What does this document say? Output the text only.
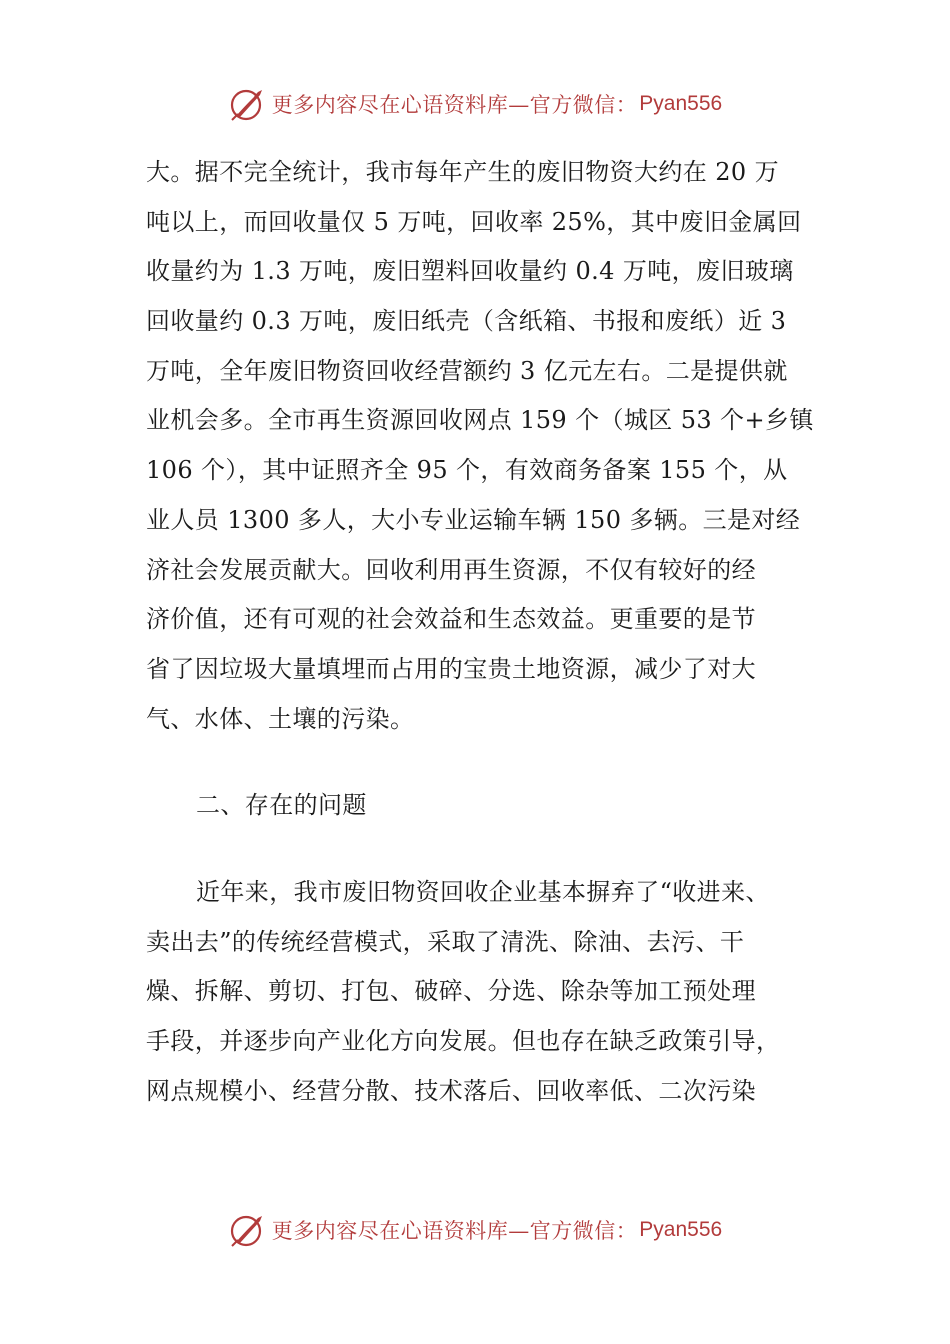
更多内容尽在心语资料库—官方微信： Pyan556
大。据不完全统计，我市每年产生的废旧物资大约在 20 万
吨以上，而回收量仅 5 万吨，回收率 25%，其中废旧金属回
收量约为 1.3 万吨，废旧塑料回收量约 0.4 万吨，废旧玻璃
回收量约 0.3 万吨，废旧纸壳（含纸箱、书报和废纸）近 3
万吨，全年废旧物资回收经营额约 3 亿元左右。二是提供就
业机会多。全市再生资源回收网点 159 个（城区 53 个+乡镇
106 个），其中证照齐全 95 个，有效商务备案 155 个，从
业人员 1300 多人，大小专业运输车辆 150 多辆。三是对经
济社会发展贡献大。回收利用再生资源，不仅有较好的经
济价值，还有可观的社会效益和生态效益。更重要的是节
省了因垃圾大量填埋而占用的宝贵土地资源，减少了对大
气、水体、土壤的污染。
二、存在的问题
近年来，我市废旧物资回收企业基本摒弃了“收进来、
卖出去”的传统经营模式，采取了清洗、除油、去污、干
燥、拆解、剪切、打包、破碎、分选、除杂等加工预处理
手段，并逐步向产业化方向发展。但也存在缺乏政策引导，
网点规模小、经营分散、技术落后、回收率低、二次污染
更多内容尽在心语资料库—官方微信： Pyan556
